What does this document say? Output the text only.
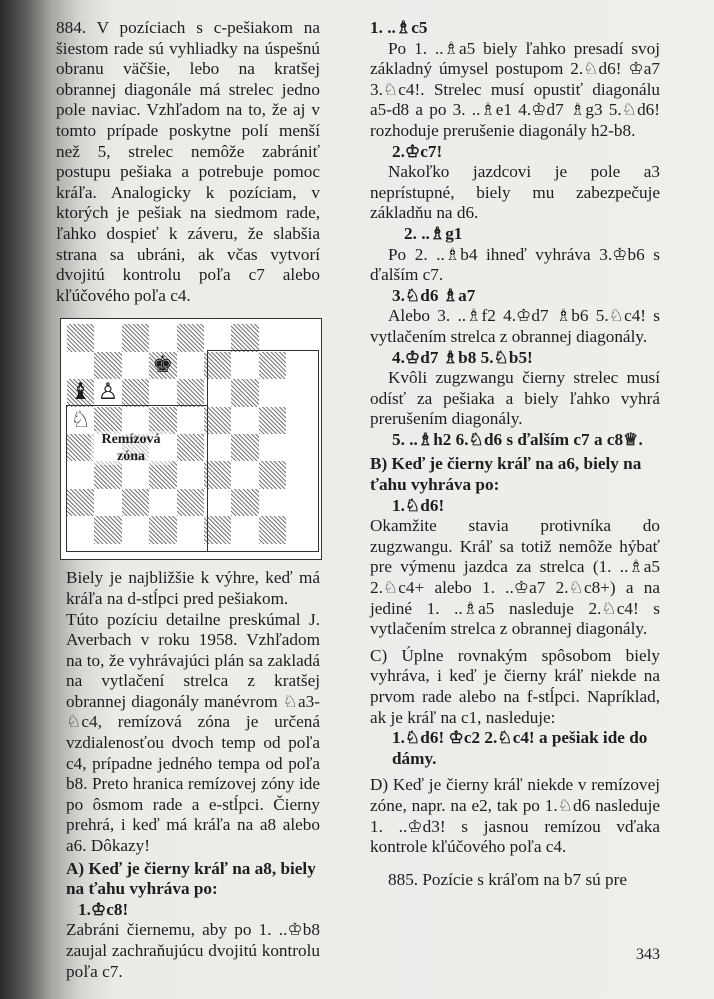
884. V pozíciach s c-pešiakom na šiestom rade sú vyhliadky na úspešnú obranu väčšie, lebo na kratšej obrannej diagonále má strelec jedno pole naviac. Vzhľadom na to, že aj v tomto prípade poskytne polí menší než 5, strelec nemôže zabrániť postupu pešiaka a potrebuje pomoc kráľa. Analogicky k pozíciam, v ktorých je pešiak na siedmom rade, ľahko dospieť k záveru, že slabšia strana sa ubráni, ak včas vytvorí dvojitú kontrolu poľa c7 alebo kľúčového poľa c4.

♚
♝ ♙
♘
Remízová
zóna

Biely je najbližšie k výhre, keď má kráľa na d-stĺpci pred pešiakom.

Túto pozíciu detailne preskúmal J. Averbach v roku 1958. Vzhľadom na to, že vyhrávajúci plán sa zakladá na vytlačení strelca z kratšej obrannej diagonály manévrom ♘a3-♘c4, remízová zóna je určená vzdialenosťou dvoch temp od poľa c4, prípadne jedného tempa od poľa b8. Preto hranica remízovej zóny ide po ôsmom rade a e-stĺpci. Čierny prehrá, i keď má kráľa na a8 alebo a6. Dôkazy!

A) Keď je čierny kráľ na a8, biely na ťahu vyhráva po:

1.♔c8!

Zabráni čiernemu, aby po 1. ..♔b8 zaujal zachraňujúcu dvojitú kontrolu poľa c7.

1. ..♗c5

Po 1. ..♗a5 biely ľahko presadí svoj základný úmysel postupom 2.♘d6! ♔a7 3.♘c4!. Strelec musí opustiť diagonálu a5-d8 a po 3. ..♗e1 4.♔d7 ♗g3 5.♘d6! rozhoduje prerušenie diagonály h2-b8.

2.♔c7!

Nakoľko jazdcovi je pole a3 neprístupné, biely mu zabezpečuje základňu na d6.

2. ..♗g1

Po 2. ..♗b4 ihneď vyhráva 3.♔b6 s ďalším c7.

3.♘d6 ♗a7

Alebo 3. ..♗f2 4.♔d7 ♗b6 5.♘c4! s vytlačením strelca z obrannej diagonály.

4.♔d7 ♗b8 5.♘b5!

Kvôli zugzwangu čierny strelec musí odísť za pešiaka a biely ľahko vyhrá prerušením diagonály.

5. ..♗h2 6.♘d6 s ďalším c7 a c8♕.

B) Keď je čierny kráľ na a6, biely na ťahu vyhráva po:

1.♘d6!

Okamžite stavia protivníka do zugzwangu. Kráľ sa totiž nemôže hýbať pre výmenu jazdca za strelca (1. ..♗a5 2.♘c4+ alebo 1. ..♔a7 2.♘c8+) a na jediné 1. ..♗a5 nasleduje 2.♘c4! s vytlačením strelca z obrannej diagonály.

C) Úplne rovnakým spôsobom biely vyhráva, i keď je čierny kráľ niekde na prvom rade alebo na f-stĺpci. Napríklad, ak je kráľ na c1, nasleduje:

1.♘d6! ♔c2 2.♘c4! a pešiak ide do dámy.

D) Keď je čierny kráľ niekde v remízovej zóne, napr. na e2, tak po 1.♘d6 nasleduje 1. ..♔d3! s jasnou remízou vďaka kontrole kľúčového poľa c4.

885. Pozície s kráľom na b7 sú pre

343
